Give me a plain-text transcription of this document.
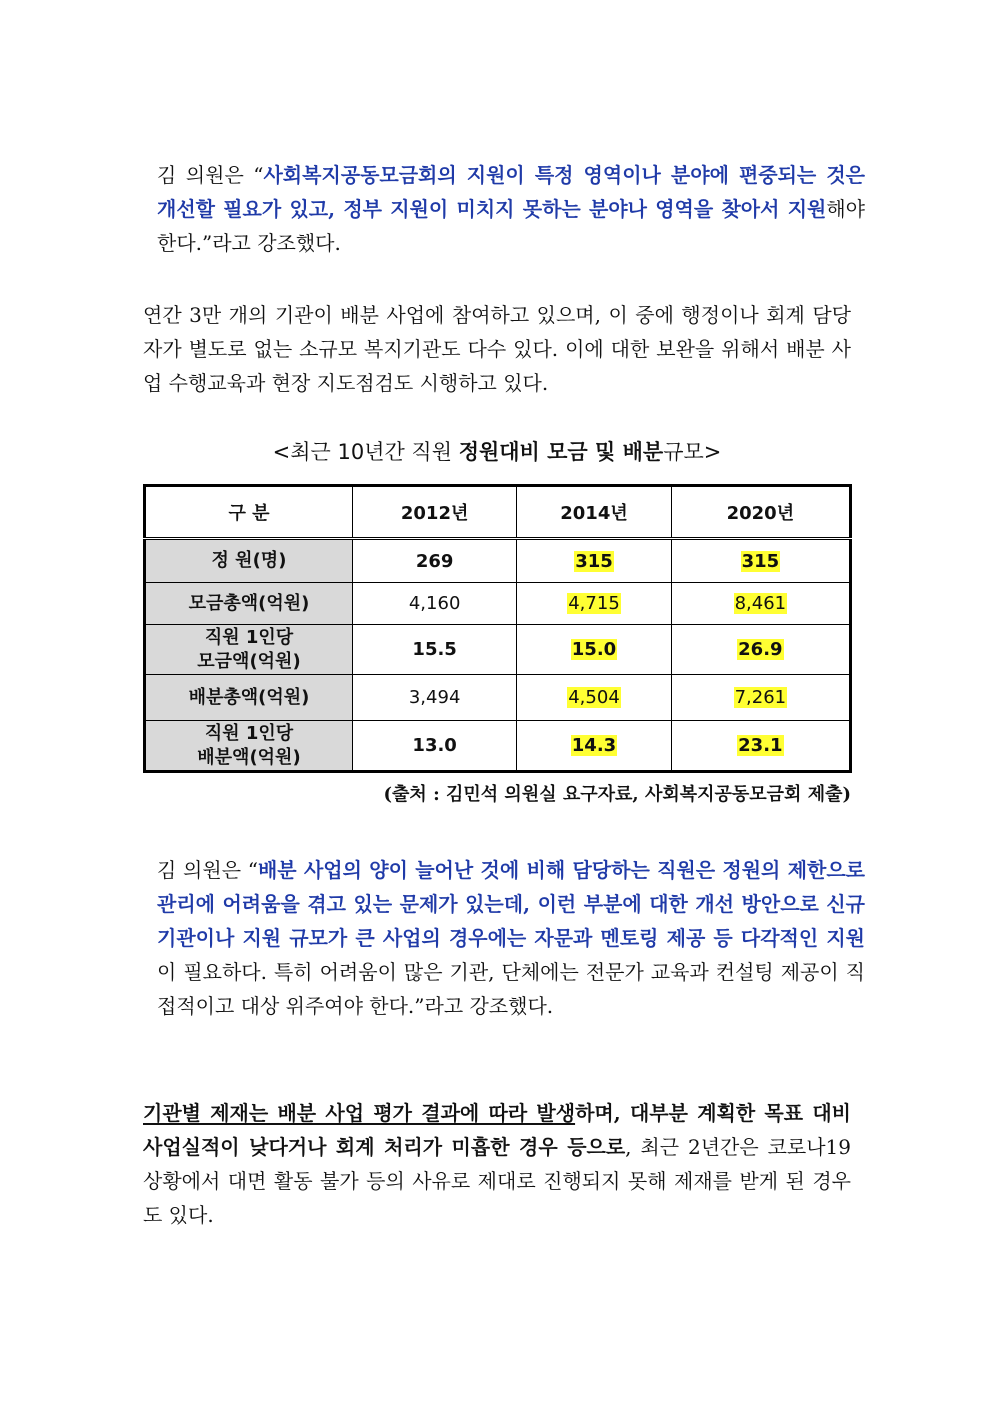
김 의원은 “사회복지공동모금회의 지원이 특정 영역이나 분야에 편중되는 것은 개선할 필요가 있고, 정부 지원이 미치지 못하는 분야나 영역을 찾아서 지원해야 한다.”라고 강조했다.

연간 3만 개의 기관이 배분 사업에 참여하고 있으며, 이 중에 행정이나 회계 담당자가 별도로 없는 소규모 복지기관도 다수 있다. 이에 대한 보완을 위해서 배분 사업 수행교육과 현장 지도점검도 시행하고 있다.

<최근 10년간 직원 정원대비 모금 및 배분규모>

구 분	2012년	2014년	2020년
정 원(명)	269	315	315
모금총액(억원)	4,160	4,715	8,461
직원 1인당
모금액(억원)	15.5	15.0	26.9
배분총액(억원)	3,494	4,504	7,261
직원 1인당
배분액(억원)	13.0	14.3	23.1

(출처 : 김민석 의원실 요구자료, 사회복지공동모금회 제출)

김 의원은 “배분 사업의 양이 늘어난 것에 비해 담당하는 직원은 정원의 제한으로 관리에 어려움을 겪고 있는 문제가 있는데, 이런 부분에 대한 개선 방안으로 신규기관이나 지원 규모가 큰 사업의 경우에는 자문과 멘토링 제공 등 다각적인 지원이 필요하다. 특히 어려움이 많은 기관, 단체에는 전문가 교육과 컨설팅 제공이 직접적이고 대상 위주여야 한다.”라고 강조했다.

기관별 제재는 배분 사업 평가 결과에 따라 발생하며, 대부분 계획한 목표 대비 사업실적이 낮다거나 회계 처리가 미흡한 경우 등으로, 최근 2년간은 코로나19 상황에서 대면 활동 불가 등의 사유로 제대로 진행되지 못해 제재를 받게 된 경우도 있다.
